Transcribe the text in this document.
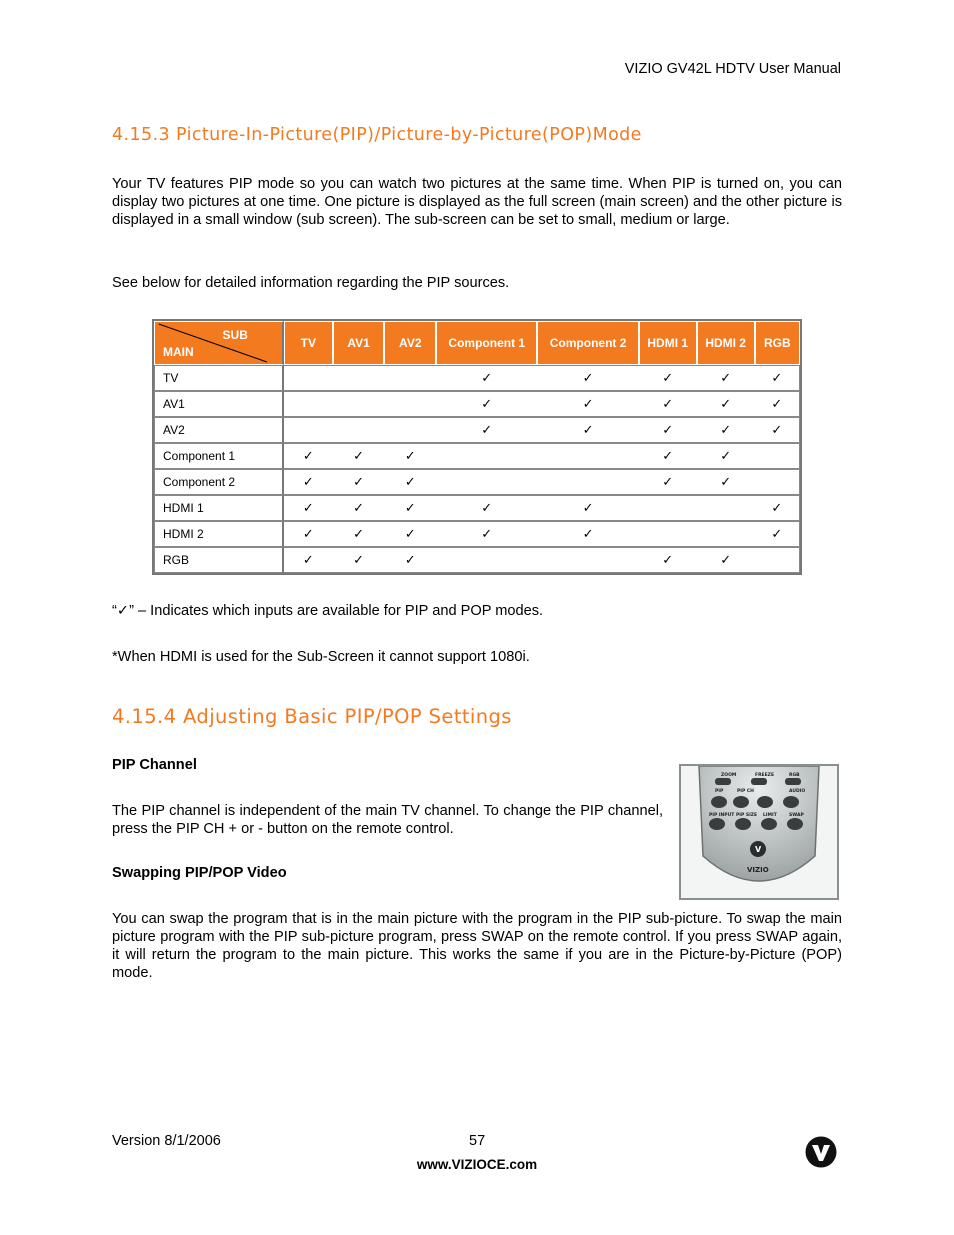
VIZIO GV42L HDTV User Manual
4.15.3 Picture-In-Picture(PIP)/Picture-by-Picture(POP)Mode
Your TV features PIP mode so you can watch two pictures at the same time. When PIP is turned on, you can display two pictures at one time. One picture is displayed as the full screen (main screen) and the other picture is displayed in a small window (sub screen). The sub-screen can be set to small, medium or large.
See below for detailed information regarding the PIP sources.
SUB
MAIN	TV	AV1	AV2	Component 1	Component 2	HDMI 1	HDMI 2	RGB
TV				✓	✓	✓	✓	✓
AV1				✓	✓	✓	✓	✓
AV2				✓	✓	✓	✓	✓
Component 1	✓	✓	✓			✓	✓	
Component 2	✓	✓	✓			✓	✓	
HDMI 1	✓	✓	✓	✓	✓			✓
HDMI 2	✓	✓	✓	✓	✓			✓
RGB	✓	✓	✓			✓	✓	
“✓” – Indicates which inputs are available for PIP and POP modes.
*When HDMI is used for the Sub-Screen it cannot support 1080i.
4.15.4 Adjusting Basic PIP/POP Settings
PIP Channel
The PIP channel is independent of the main TV channel. To change the PIP channel, press the PIP CH + or - button on the remote control.
Swapping PIP/POP Video
You can swap the program that is in the main picture with the program in the PIP sub-picture. To swap the main picture program with the PIP sub-picture program, press SWAP on the remote control. If you press SWAP again, it will return the program to the main picture. This works the same if you are in the Picture-by-Picture (POP) mode.
ZOOM	FREEZE	RGB
PIP	PIP CH	AUDIO
PIP INPUT PIP SIZE LIMIT	SWAP
V
VIZIO
Version 8/1/2006	57
www.VIZIOCE.com
